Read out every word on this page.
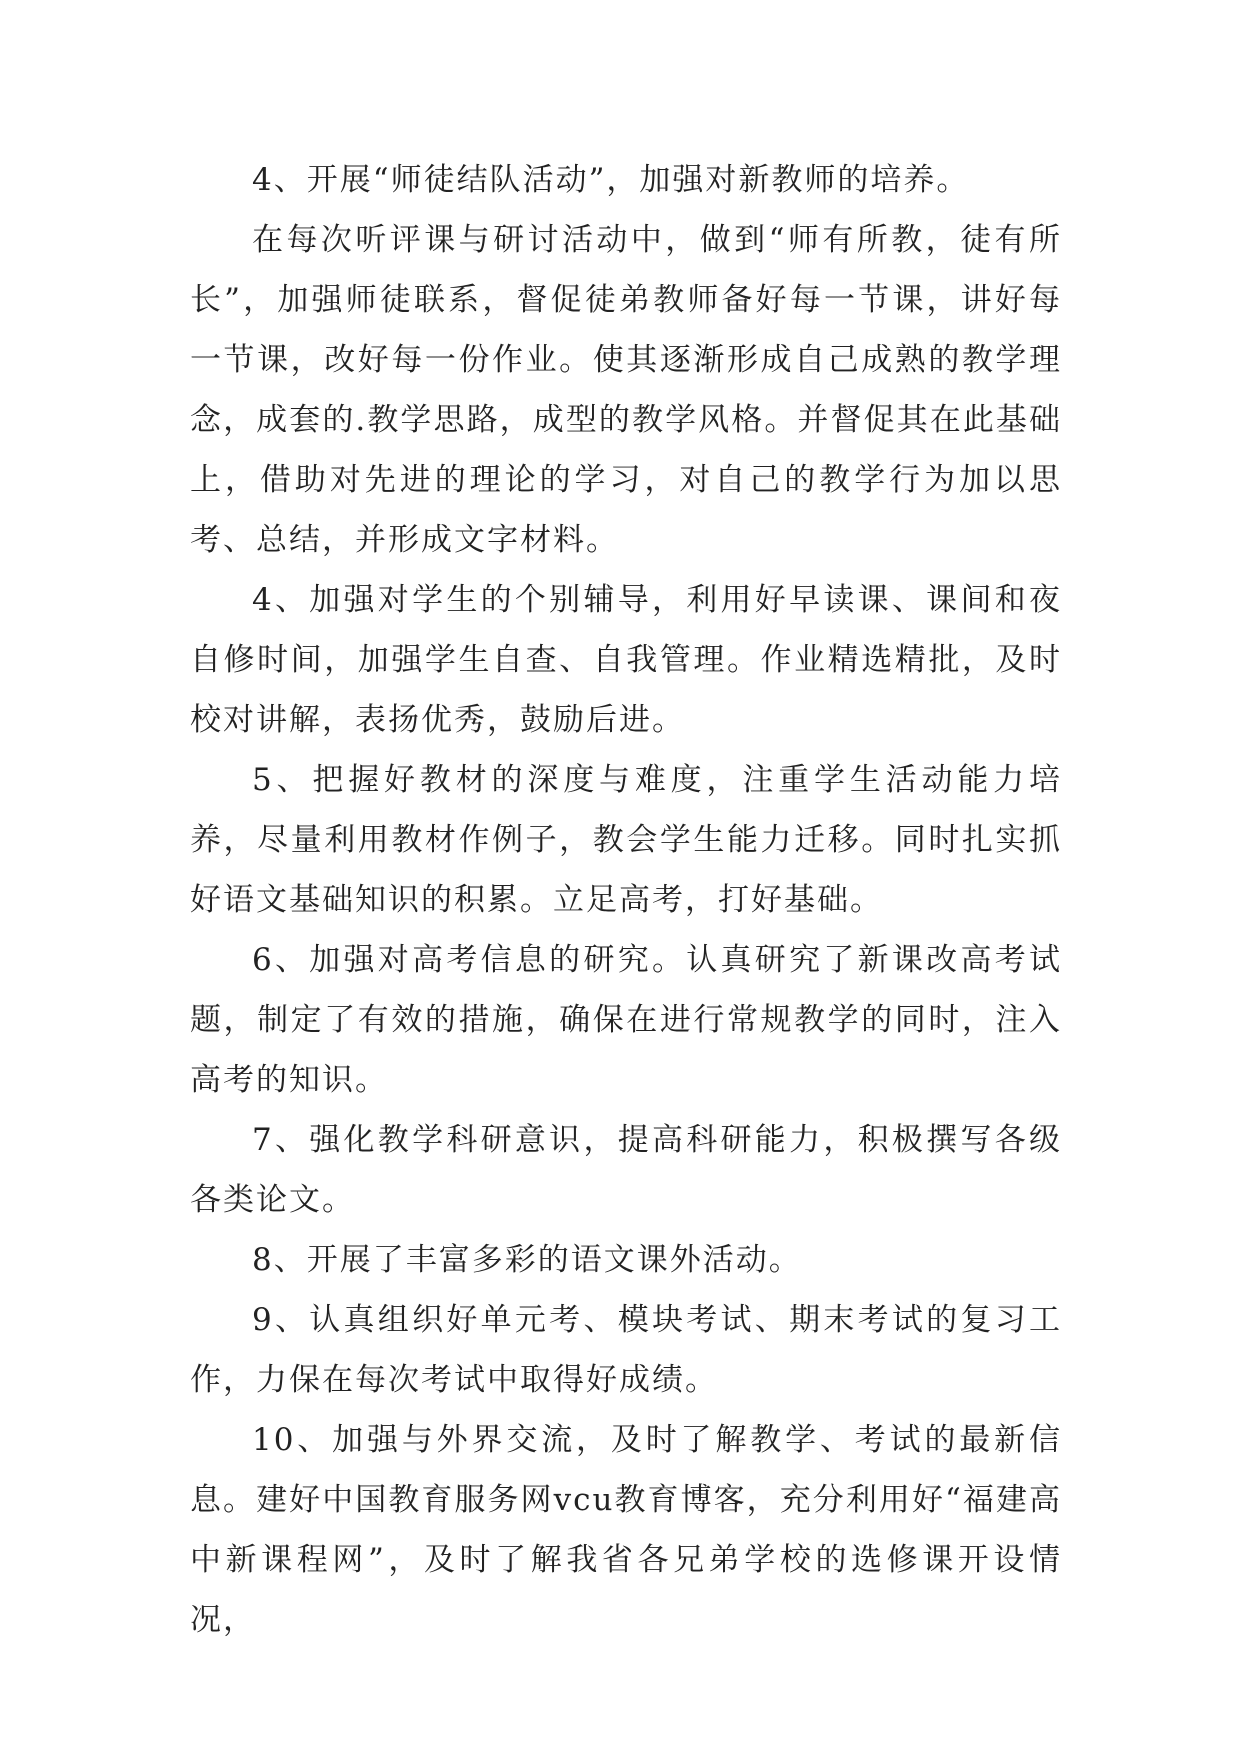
4、开展“师徒结队活动”，加强对新教师的培养。

在每次听评课与研讨活动中，做到“师有所教，徒有所长”，加强师徒联系，督促徒弟教师备好每一节课，讲好每一节课，改好每一份作业。使其逐渐形成自己成熟的教学理念，成套的.教学思路，成型的教学风格。并督促其在此基础上，借助对先进的理论的学习，对自己的教学行为加以思考、总结，并形成文字材料。

4、加强对学生的个别辅导，利用好早读课、课间和夜自修时间，加强学生自查、自我管理。作业精选精批，及时校对讲解，表扬优秀，鼓励后进。

5、把握好教材的深度与难度，注重学生活动能力培养，尽量利用教材作例子，教会学生能力迁移。同时扎实抓好语文基础知识的积累。立足高考，打好基础。

6、加强对高考信息的研究。认真研究了新课改高考试题，制定了有效的措施，确保在进行常规教学的同时，注入高考的知识。

7、强化教学科研意识，提高科研能力，积极撰写各级各类论文。

8、开展了丰富多彩的语文课外活动。

9、认真组织好单元考、模块考试、期末考试的复习工作，力保在每次考试中取得好成绩。

10、加强与外界交流，及时了解教学、考试的最新信息。建好中国教育服务网vcu教育博客，充分利用好“福建高中新课程网”，及时了解我省各兄弟学校的选修课开设情况，
